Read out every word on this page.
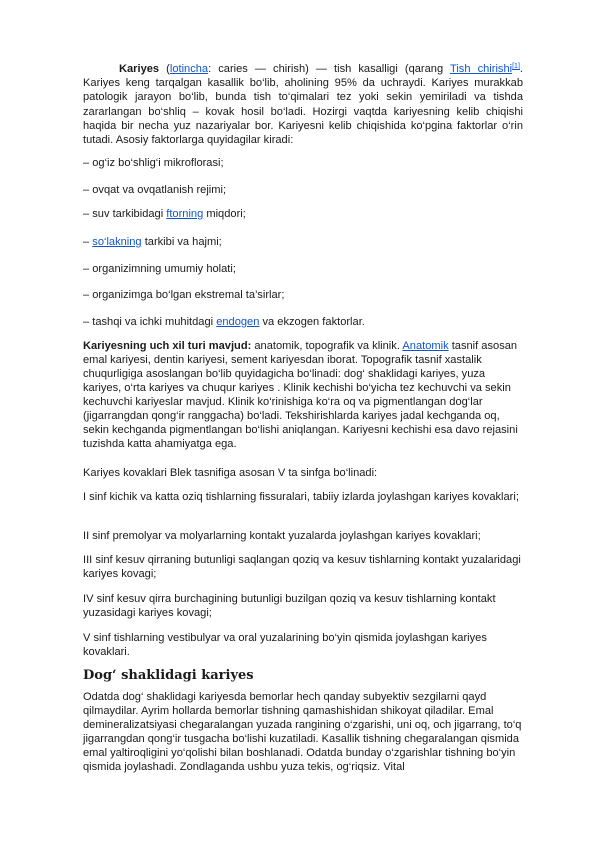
Kariyes (lotincha: caries — chirish) — tish kasalligi (qarang Tish chirishi[1]. Kariyes keng tarqalgan kasallik bo‘lib, aholining 95% da uchraydi. Kariyes murakkab patologik jarayon bo‘lib, bunda tish to‘qimalari tez yoki sekin yemiriladi va tishda zararlangan bo‘shliq – kovak hosil bo‘ladi. Hozirgi vaqtda kariyesning kelib chiqishi haqida bir necha yuz nazariyalar bor. Kariyesni kelib chiqishida ko‘pgina faktorlar o‘rin tutadi. Asosiy faktorlarga quyidagilar kiradi:
– og‘iz bo‘shlig‘i mikroflorasi;
– ovqat va ovqatlanish rejimi;
– suv tarkibidagi ftorning miqdori;
– so‘lakning tarkibi va hajmi;
– organizimning umumiy holati;
– organizimga bo‘lgan ekstremal ta’sirlar;
– tashqi va ichki muhitdagi endogen va ekzogen faktorlar.
Kariyesning uch xil turi mavjud: anatomik, topografik va klinik. Anatomik tasnif asosan emal kariyesi, dentin kariyesi, sement kariyesdan iborat. Topografik tasnif xastalik chuqurligiga asoslangan bo‘lib quyidagicha bo‘linadi: dog‘ shaklidagi kariyes, yuza kariyes, o‘rta kariyes va chuqur kariyes . Klinik kechishi bo‘yicha tez kechuvchi va sekin kechuvchi kariyeslar mavjud. Klinik ko‘rinishiga ko‘ra oq va pigmentlangan dog‘lar (jigarrangdan qong‘ir ranggacha) bo‘ladi. Tekshirishlarda kariyes jadal kechganda oq, sekin kechganda pigmentlangan bo‘lishi aniqlangan. Kariyesni kechishi esa davo rejasini tuzishda katta ahamiyatga ega.
Kariyes kovaklari Blek tasnifiga asosan V ta sinfga bo‘linadi:
I sinf kichik va katta oziq tishlarning fissuralari, tabiiy izlarda joylashgan kariyes kovaklari;
II sinf premolyar va molyarlarning kontakt yuzalarda joylashgan kariyes kovaklari;
III sinf kesuv qirraning butunligi saqlangan qoziq va kesuv tishlarning kontakt yuzalaridagi kariyes kovagi;
IV sinf kesuv qirra burchagining butunligi buzilgan qoziq va kesuv tishlarning kontakt yuzasidagi kariyes kovagi;
V sinf tishlarning vestibulyar va oral yuzalarining bo‘yin qismida joylashgan kariyes kovaklari.
Dog‘ shaklidagi kariyes
Odatda dog‘ shaklidagi kariyesda bemorlar hech qanday subyektiv sezgilarni qayd qilmaydilar. Ayrim hollarda bemorlar tishning qamashishidan shikoyat qiladilar. Emal demineralizatsiyasi chegaralangan yuzada rangining o‘zgarishi, uni oq, och jigarrang, to‘q jigarrangdan qong‘ir tusgacha bo‘lishi kuzatiladi. Kasallik tishning chegaralangan qismida emal yaltiroqligini yo‘qolishi bilan boshlanadi. Odatda bunday o‘zgarishlar tishning bo‘yin qismida joylashadi. Zondlaganda ushbu yuza tekis, og‘riqsiz. Vital
